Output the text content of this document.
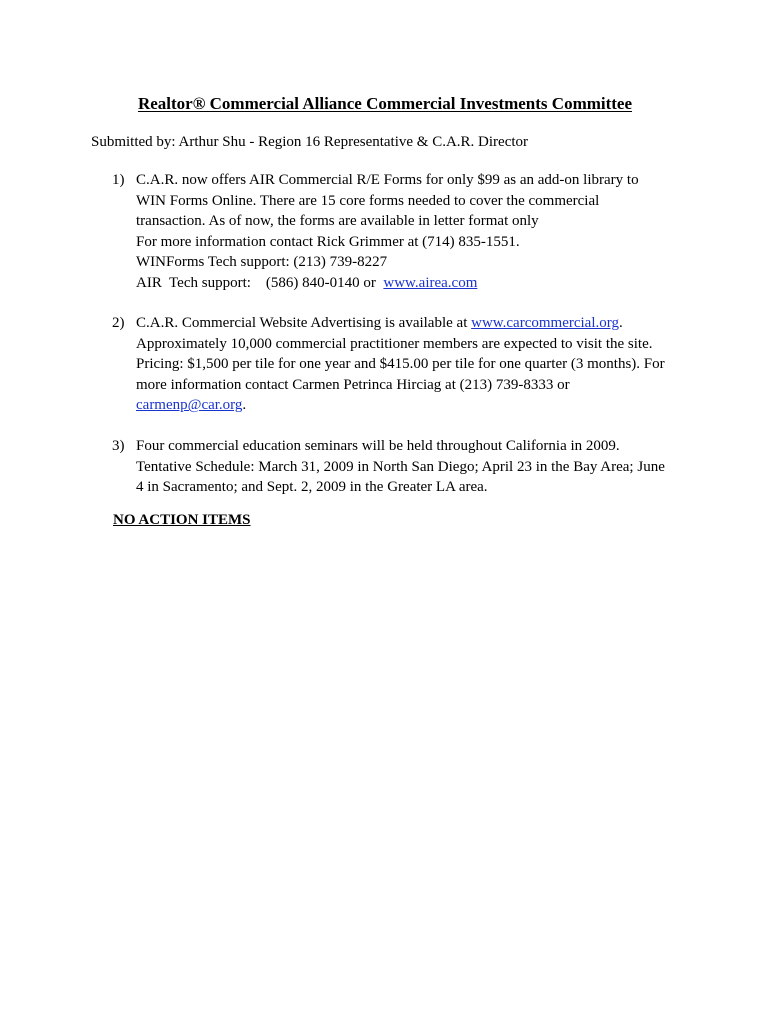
Realtor® Commercial Alliance Commercial Investments Committee
Submitted by: Arthur Shu - Region 16 Representative & C.A.R. Director
1) C.A.R. now offers AIR Commercial R/E Forms for only $99 as an add-on library to
WIN Forms Online. There are 15 core forms needed to cover the commercial
transaction. As of now, the forms are available in letter format only
For more information contact Rick Grimmer at (714) 835-1551.
WINForms Tech support: (213) 739-8227
AIR  Tech support:    (586) 840-0140 or  www.airea.com
2) C.A.R. Commercial Website Advertising is available at www.carcommercial.org.
Approximately 10,000 commercial practitioner members are expected to visit the site.
Pricing: $1,500 per tile for one year and $415.00 per tile for one quarter (3 months). For
more information contact Carmen Petrinca Hirciag at (213) 739-8333 or
carmenp@car.org.
3) Four commercial education seminars will be held throughout California in 2009.
Tentative Schedule: March 31, 2009 in North San Diego; April 23 in the Bay Area; June
4 in Sacramento; and Sept. 2, 2009 in the Greater LA area.
NO ACTION ITEMS
